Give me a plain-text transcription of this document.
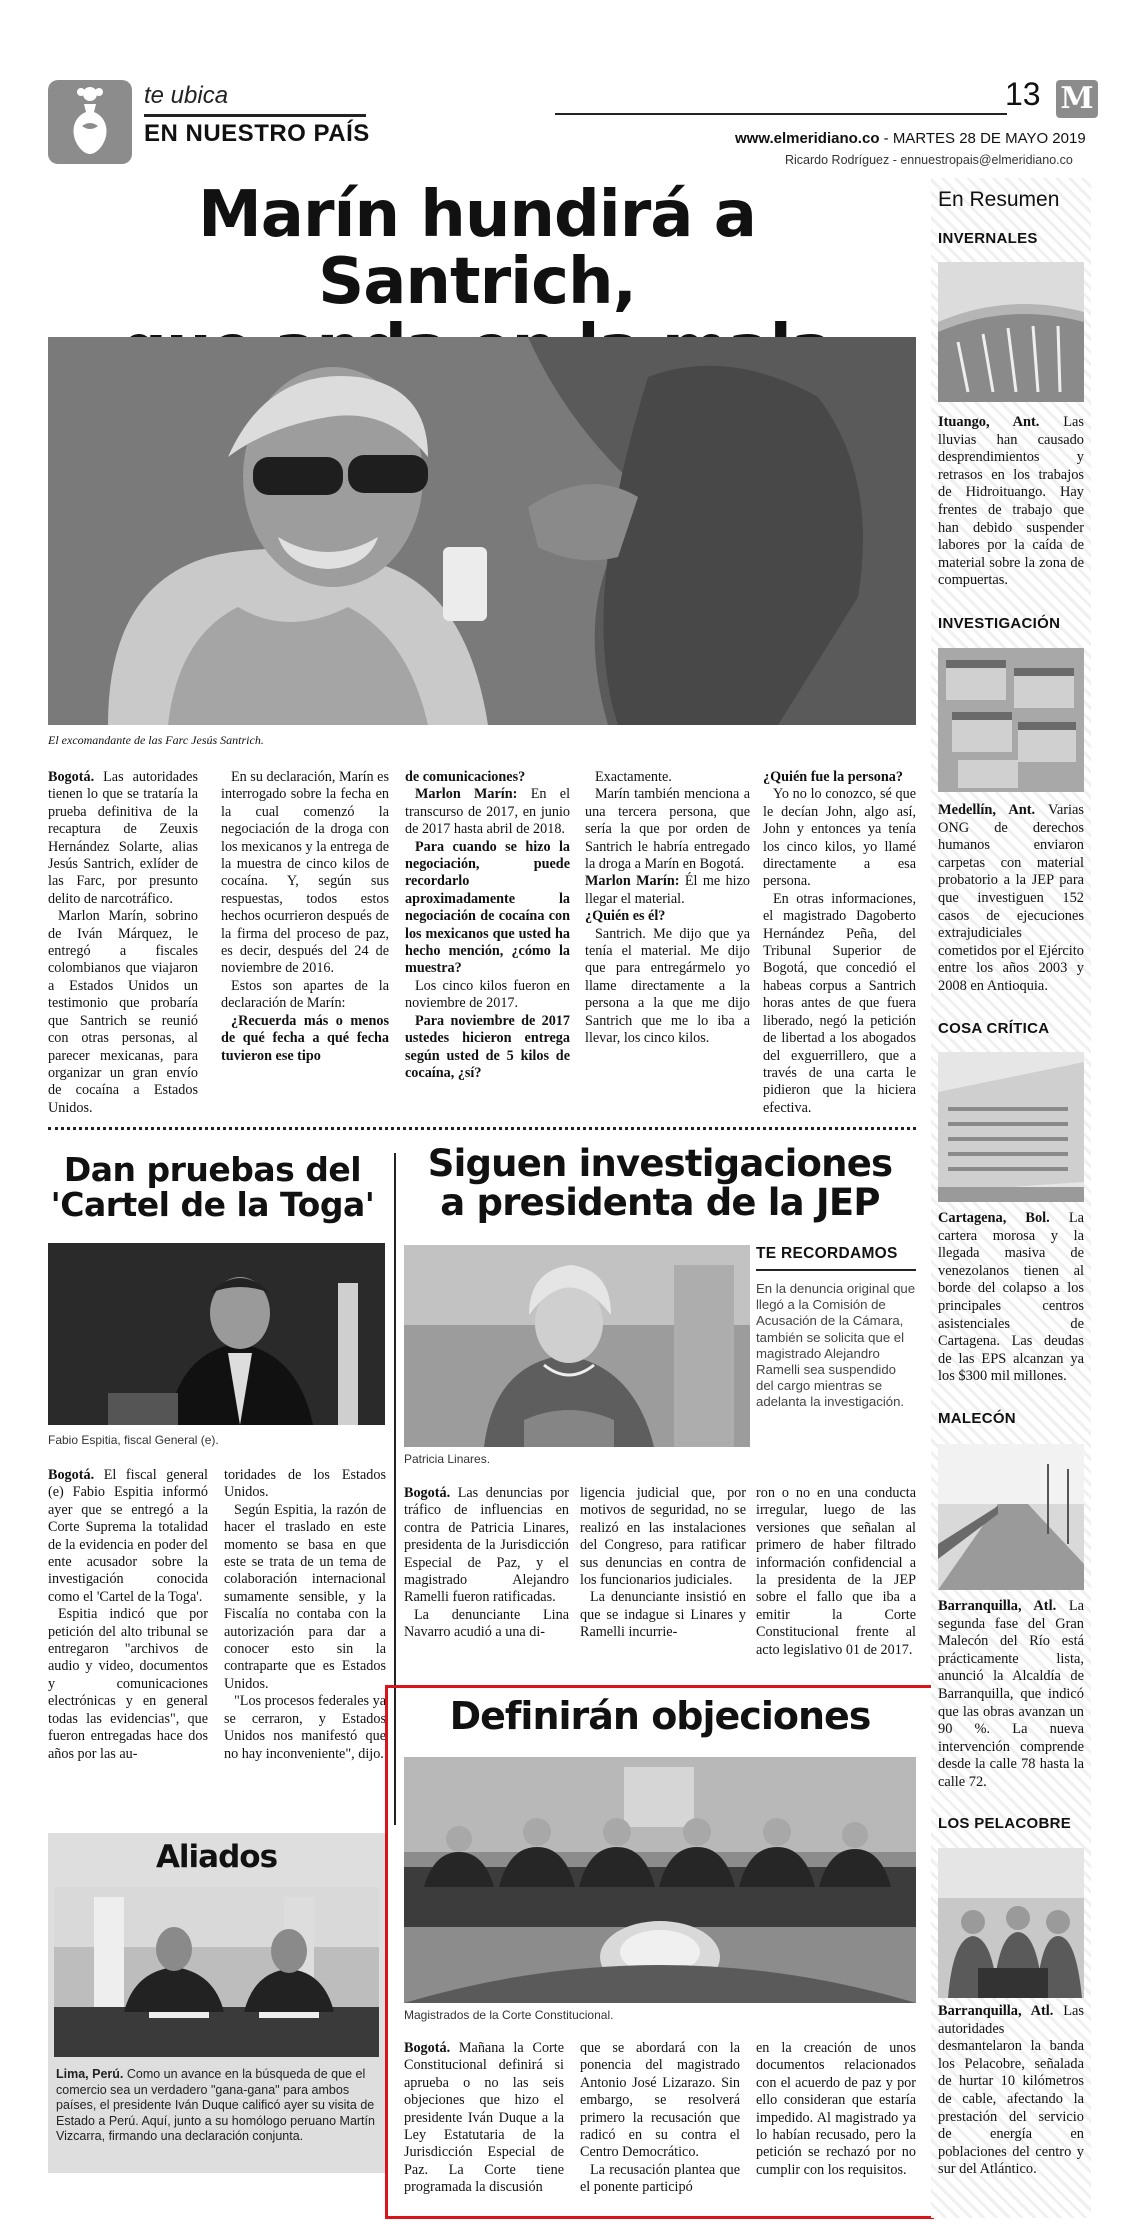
te ubica
EN NUESTRO PAÍS
13 M
www.elmeridiano.co - MARTES 28 DE MAYO 2019
Ricardo Rodríguez - ennuestropais@elmeridiano.co
Marín hundirá a Santrich,
El excomandante de las Farc Jesús Santrich.

Bogotá. Las autoridades tienen lo que se trataría la prueba definitiva de la recaptura de Zeuxis Hernández Solarte, alias Jesús Santrich, exlíder de las Farc, por presunto delito de narcotráfico.

Marlon Marín, sobrino de Iván Márquez, le entregó a fiscales colombianos que viajaron a Estados Unidos un testimonio que probaría que Santrich se reunió con otras personas, al parecer mexicanas, para organizar un gran envío de cocaína a Estados Unidos.

En su declaración, Marín es interrogado sobre la fecha en la cual comenzó la negociación de la droga con los mexicanos y la entrega de la muestra de cinco kilos de cocaína. Y, según sus respuestas, todos estos hechos ocurrieron después de la firma del proceso de paz, es decir, después del 24 de noviembre de 2016.

Estos son apartes de la declaración de Marín:

¿Recuerda más o menos de qué fecha a qué fecha tuvieron ese tipo

de comunicaciones?

Marlon Marín: En el transcurso de 2017, en junio de 2017 hasta abril de 2018.

Para cuando se hizo la negociación, puede recordarlo aproximadamente la negociación de cocaína con los mexicanos que usted ha hecho mención, ¿cómo la muestra?

Los cinco kilos fueron en noviembre de 2017.

Para noviembre de 2017 ustedes hicieron entrega según usted de 5 kilos de cocaína, ¿sí?

Exactamente.

Marín también menciona a una tercera persona, que sería la que por orden de Santrich le habría entregado la droga a Marín en Bogotá.

Marlon Marín: Él me hizo llegar el material.

¿Quién es él?

Santrich. Me dijo que ya tenía el material. Me dijo que para entregármelo yo llame directamente a la persona a la que me dijo Santrich que me lo iba a llevar, los cinco kilos.

¿Quién fue la persona?

Yo no lo conozco, sé que le decían John, algo así, John y entonces ya tenía los cinco kilos, yo llamé directamente a esa persona.

En otras informaciones, el magistrado Dagoberto Hernández Peña, del Tribunal Superior de Bogotá, que concedió el habeas corpus a Santrich horas antes de que fuera liberado, negó la petición de libertad a los abogados del exguerrillero, que a través de una carta le pidieron que la hiciera efectiva.

Dan pruebas del
'Cartel de la Toga'
Fabio Espitia, fiscal General (e).

Bogotá. El fiscal general (e) Fabio Espitia informó ayer que se entregó a la Corte Suprema la totalidad de la evidencia en poder del ente acusador sobre la investigación conocida como el 'Cartel de la Toga'.

Espitia indicó que por petición del alto tribunal se entregaron "archivos de audio y video, documentos y comunicaciones electrónicas y en general todas las evidencias", que fueron entregadas hace dos años por las au-

toridades de los Estados Unidos.

Según Espitia, la razón de hacer el traslado en este momento se basa en que este se trata de un tema de colaboración internacional sumamente sensible, y la Fiscalía no contaba con la autorización para dar a conocer esto sin la contraparte que es Estados Unidos.

"Los procesos federales ya se cerraron, y Estados Unidos nos manifestó que no hay inconveniente", dijo.

Aliados
Lima, Perú. Como un avance en la búsqueda de que el comercio sea un verdadero "gana-gana" para ambos países, el presidente Iván Duque calificó ayer su visita de Estado a Perú. Aquí, junto a su homólogo peruano Martín Vizcarra, firmando una declaración conjunta.
Siguen investigaciones
a presidenta de la JEP
Patricia Linares.
TE RECORDAMOS
En la denuncia original que llegó a la Comisión de Acusación de la Cámara, también se solicita que el magistrado Alejandro Ramelli sea suspendido del cargo mientras se adelanta la investigación.

Bogotá. Las denuncias por tráfico de influencias en contra de Patricia Linares, presidenta de la Jurisdicción Especial de Paz, y el magistrado Alejandro Ramelli fueron ratificadas.

La denunciante Lina Navarro acudió a una di-

ligencia judicial que, por motivos de seguridad, no se realizó en las instalaciones del Congreso, para ratificar sus denuncias en contra de los funcionarios judiciales.

La denunciante insistió en que se indague si Linares y Ramelli incurrie-

ron o no en una conducta irregular, luego de las versiones que señalan al primero de haber filtrado información confidencial a la presidenta de la JEP sobre el fallo que iba a emitir la Corte Constitucional frente al acto legislativo 01 de 2017.

Definirán objeciones
Magistrados de la Corte Constitucional.

Bogotá. Mañana la Corte Constitucional definirá si aprueba o no las seis objeciones que hizo el presidente Iván Duque a la Ley Estatutaria de la Jurisdicción Especial de Paz. La Corte tiene programada la discusión

que se abordará con la ponencia del magistrado Antonio José Lizarazo. Sin embargo, se resolverá primero la recusación que radicó en su contra el Centro Democrático.

La recusación plantea que el ponente participó

en la creación de unos documentos relacionados con el acuerdo de paz y por ello consideran que estaría impedido. Al magistrado ya lo habían recusado, pero la petición se rechazó por no cumplir con los requisitos.

En Resumen
INVERNALES
Ituango, Ant. Las lluvias han causado desprendimientos y retrasos en los trabajos de Hidroituango. Hay frentes de trabajo que han debido suspender labores por la caída de material sobre la zona de compuertas.
INVESTIGACIÓN
Medellín, Ant. Varias ONG de derechos humanos enviaron carpetas con material probatorio a la JEP para que investiguen 152 casos de ejecuciones extrajudiciales cometidos por el Ejército entre los años 2003 y 2008 en Antioquia.
COSA CRÍTICA
Cartagena, Bol. La cartera morosa y la llegada masiva de venezolanos tienen al borde del colapso a los principales centros asistenciales de Cartagena. Las deudas de las EPS alcanzan ya los $300 mil millones.
MALECÓN
Barranquilla, Atl. La segunda fase del Gran Malecón del Río está prácticamente lista, anunció la Alcaldía de Barranquilla, que indicó que las obras avanzan un 90 %. La nueva intervención comprende desde la calle 78 hasta la calle 72.
LOS PELACOBRE
Barranquilla, Atl. Las autoridades desmantelaron la banda los Pelacobre, señalada de hurtar 10 kilómetros de cable, afectando la prestación del servicio de energía en poblaciones del centro y sur del Atlántico.
